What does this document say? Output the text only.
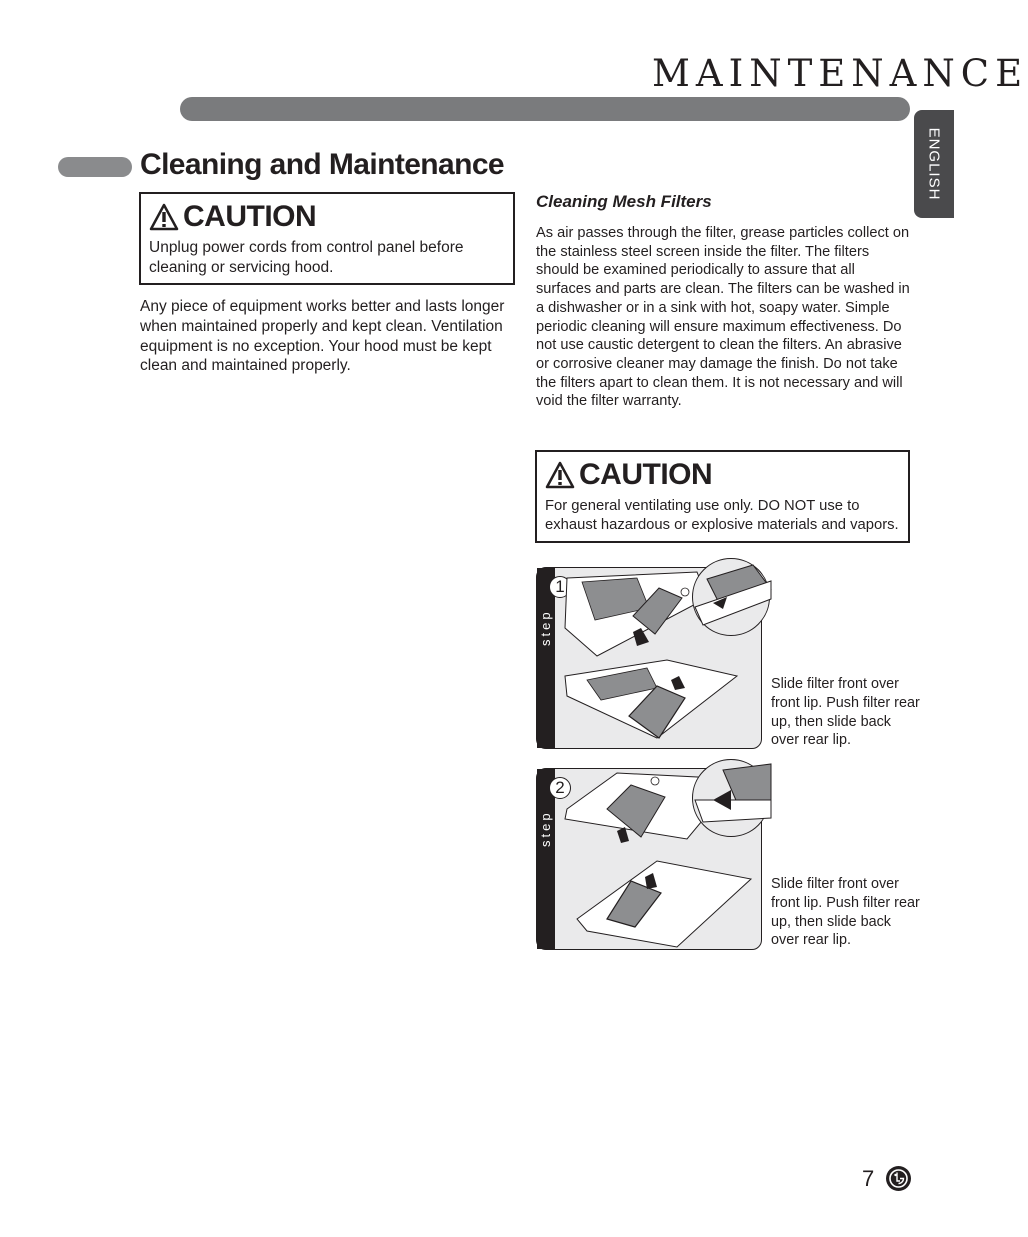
MAINTENANCE
ENGLISH
Cleaning and Maintenance
CAUTION
Unplug power cords from control panel before cleaning or servicing hood.
Any piece of equipment works better and lasts longer when maintained properly and kept clean. Ventilation equipment is no exception. Your hood must be kept clean and maintained properly.
Cleaning Mesh Filters
As air passes through the filter, grease particles collect on the stainless steel screen inside the filter. The filters should be examined periodically to assure that all surfaces and parts are clean. The filters can be washed in a dishwasher or in a sink with hot, soapy water. Simple periodic cleaning will ensure maximum effectiveness. Do not use caustic detergent to clean the filters. An abrasive or corrosive cleaner may damage the finish. Do not take the filters apart to clean them. It is not necessary and will void the filter warranty.
CAUTION
For general ventilating use only. DO NOT use to exhaust hazardous or explosive materials and vapors.
step
1
Slide filter front over front lip. Push filter rear up, then slide back over rear lip.
step
2
Slide filter front over front lip. Push filter rear up, then slide back over rear lip.
7
